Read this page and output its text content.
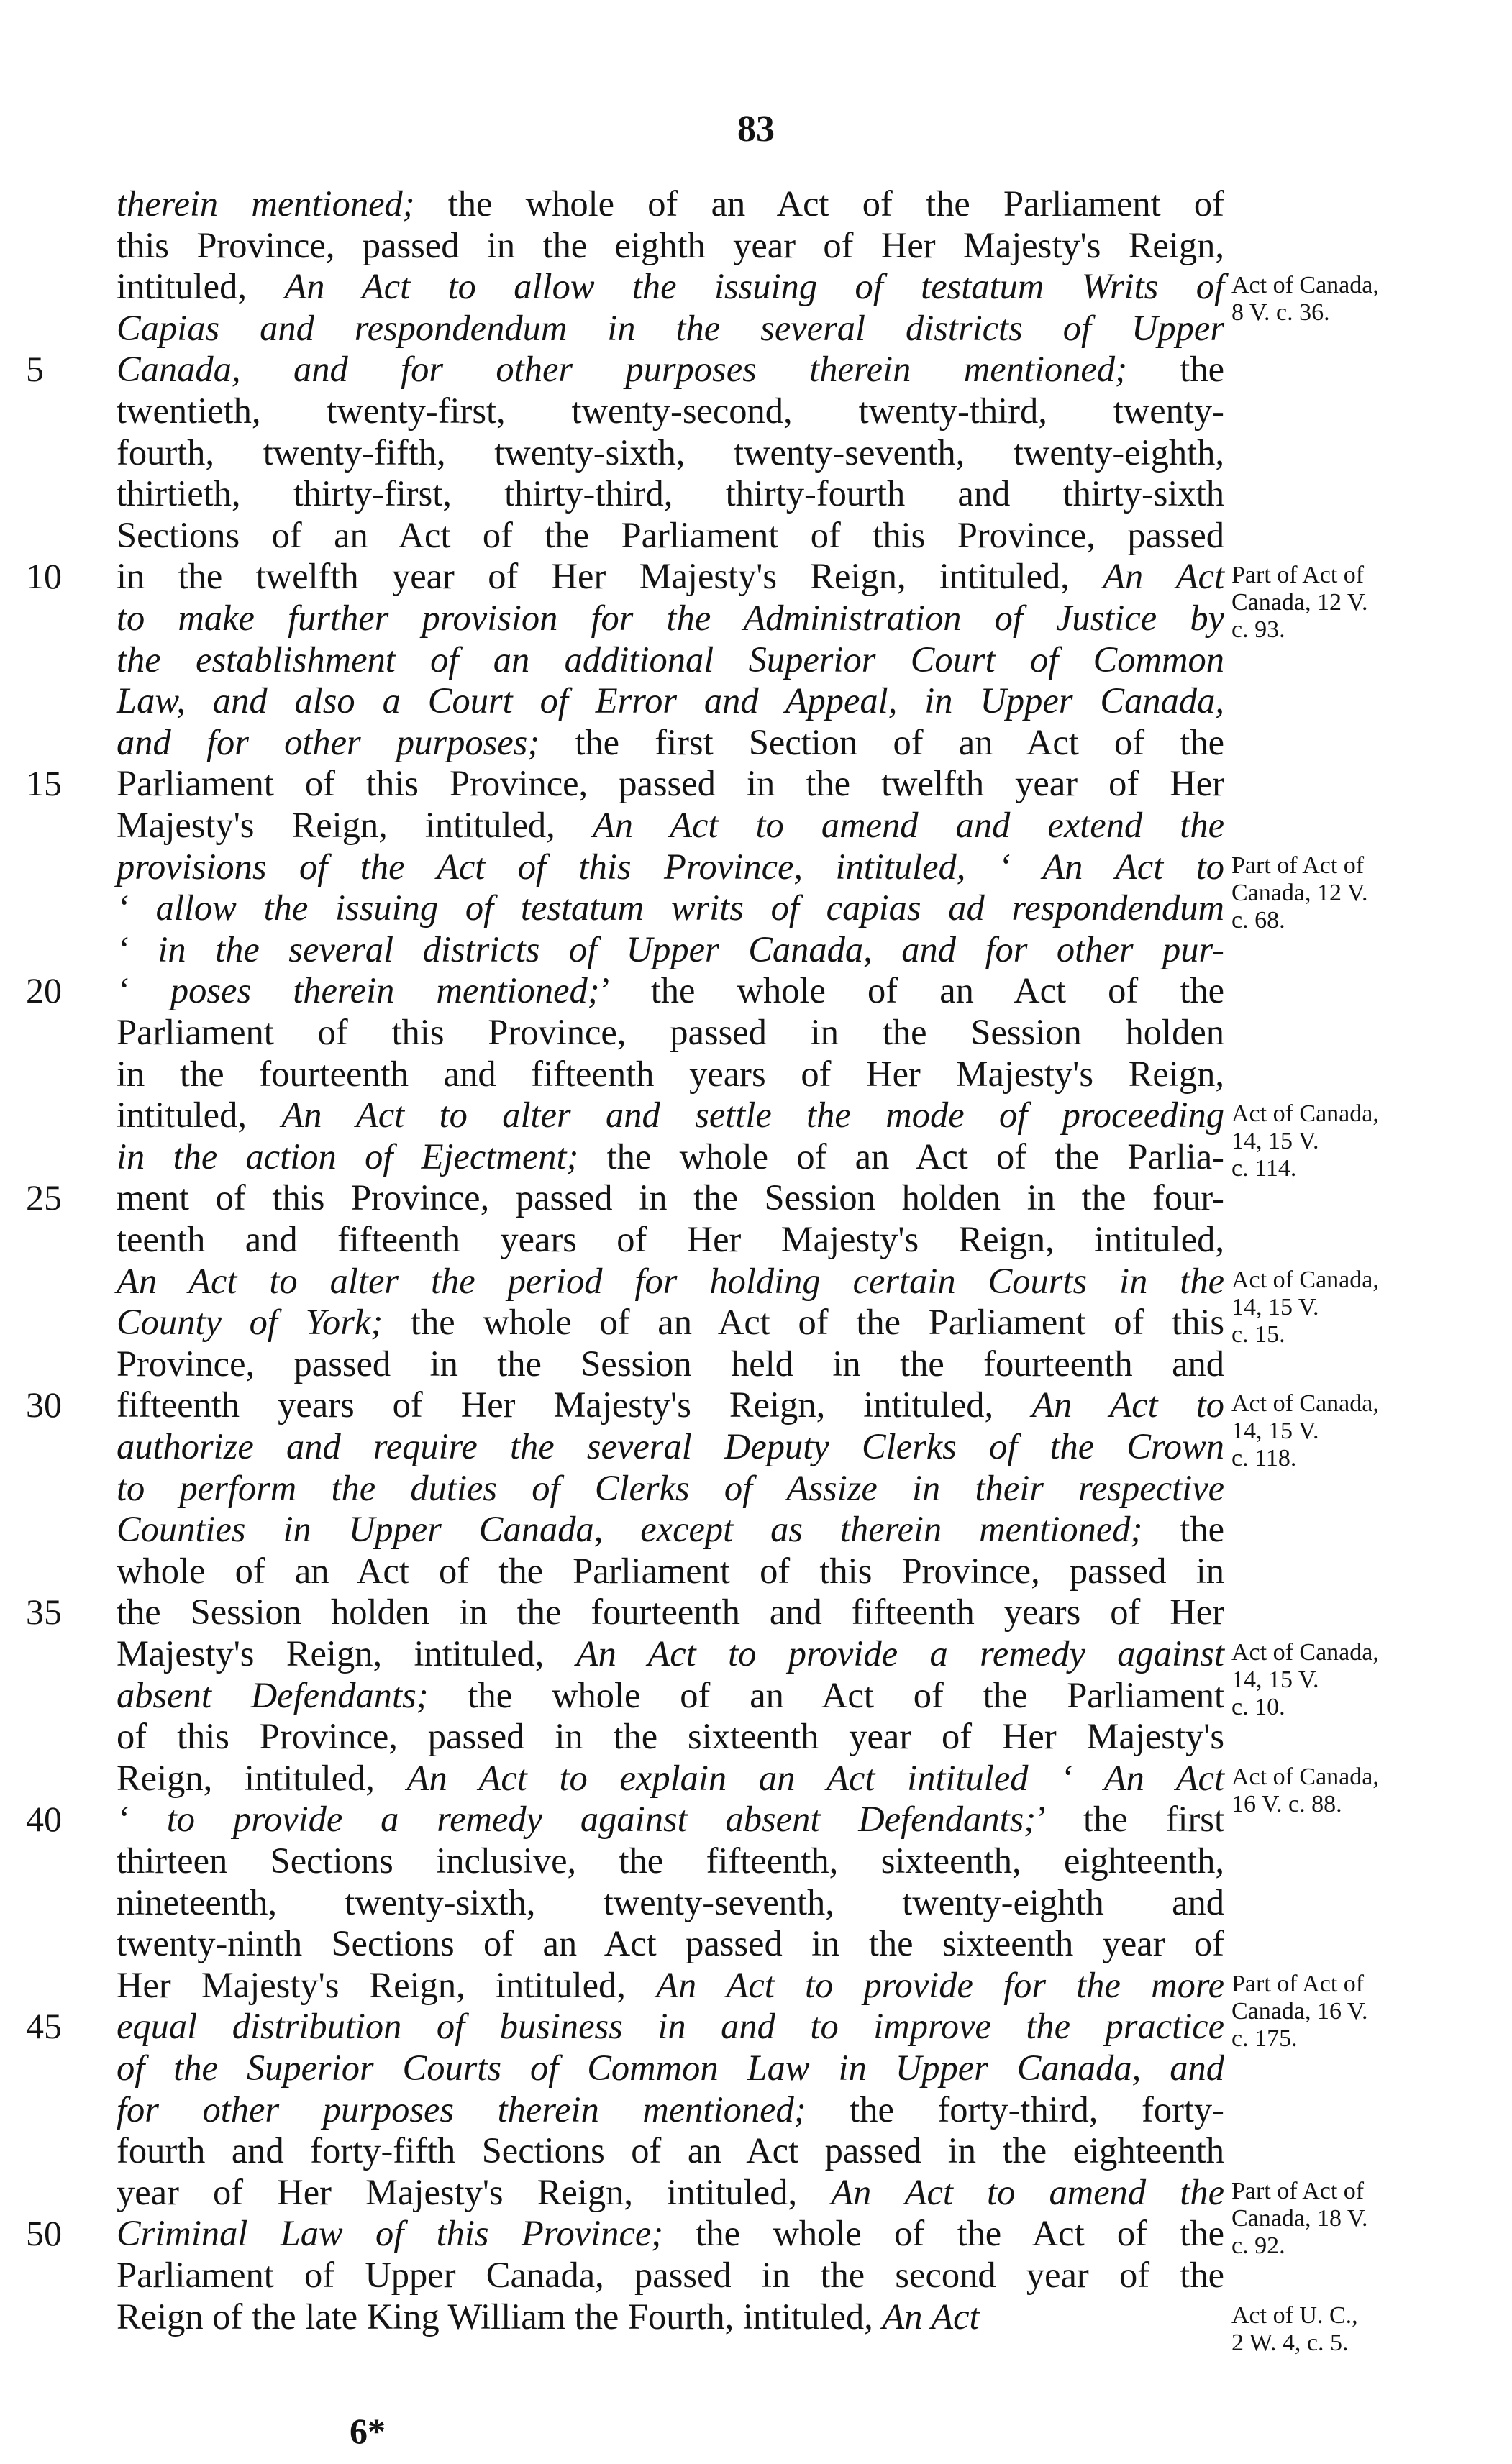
83
therein mentioned; the whole of an Act of the Parliament of
this Province, passed in the eighth year of Her Majesty's Reign,
intituled, An Act to allow the issuing of testatum Writs of
Capias and respondendum in the several districts of Upper
5	Canada, and for other purposes therein mentioned; the
twentieth, twenty-first, twenty-second, twenty-third, twenty-
fourth, twenty-fifth, twenty-sixth, twenty-seventh, twenty-eighth,
thirtieth, thirty-first, thirty-third, thirty-fourth and thirty-sixth
Sections of an Act of the Parliament of this Province, passed
10	in the twelfth year of Her Majesty's Reign, intituled, An Act
to make further provision for the Administration of Justice by
the establishment of an additional Superior Court of Common
Law, and also a Court of Error and Appeal, in Upper Canada,
and for other purposes; the first Section of an Act of the
15	Parliament of this Province, passed in the twelfth year of Her
Majesty's Reign, intituled, An Act to amend and extend the
provisions of the Act of this Province, intituled, ‘ An Act to
‘ allow the issuing of testatum writs of capias ad respondendum
‘ in the several districts of Upper Canada, and for other pur-
20	‘ poses therein mentioned;’ the whole of an Act of the
Parliament of this Province, passed in the Session holden
in the fourteenth and fifteenth years of Her Majesty's Reign,
intituled, An Act to alter and settle the mode of proceeding
in the action of Ejectment; the whole of an Act of the Parlia-
25	ment of this Province, passed in the Session holden in the four-
teenth and fifteenth years of Her Majesty's Reign, intituled,
An Act to alter the period for holding certain Courts in the
County of York; the whole of an Act of the Parliament of this
Province, passed in the Session held in the fourteenth and
30	fifteenth years of Her Majesty's Reign, intituled, An Act to
authorize and require the several Deputy Clerks of the Crown
to perform the duties of Clerks of Assize in their respective
Counties in Upper Canada, except as therein mentioned; the
whole of an Act of the Parliament of this Province, passed in
35	the Session holden in the fourteenth and fifteenth years of Her
Majesty's Reign, intituled, An Act to provide a remedy against
absent Defendants; the whole of an Act of the Parliament
of this Province, passed in the sixteenth year of Her Majesty's
Reign, intituled, An Act to explain an Act intituled ‘ An Act
40	‘ to provide a remedy against absent Defendants;’ the first
thirteen Sections inclusive, the fifteenth, sixteenth, eighteenth,
nineteenth, twenty-sixth, twenty-seventh, twenty-eighth and
twenty-ninth Sections of an Act passed in the sixteenth year of
Her Majesty's Reign, intituled, An Act to provide for the more
45	equal distribution of business in and to improve the practice
of the Superior Courts of Common Law in Upper Canada, and
for other purposes therein mentioned; the forty-third, forty-
fourth and forty-fifth Sections of an Act passed in the eighteenth
year of Her Majesty's Reign, intituled, An Act to amend the
50	Criminal Law of this Province; the whole of the Act of the
Parliament of Upper Canada, passed in the second year of the
Reign of the late King William the Fourth, intituled, An Act
Act of Canada,
8 V. c. 36.
Part of Act of
Canada, 12 V.
c. 93.
Part of Act of
Canada, 12 V.
c. 68.
Act of Canada,
14, 15 V.
c. 114.
Act of Canada,
14, 15 V.
c. 15.
Act of Canada,
14, 15 V.
c. 118.
Act of Canada,
14, 15 V.
c. 10.
Act of Canada,
16 V. c. 88.
Part of Act of
Canada, 16 V.
c. 175.
Part of Act of
Canada, 18 V.
c. 92.
Act of U. C.,
2 W. 4, c. 5.
6*
